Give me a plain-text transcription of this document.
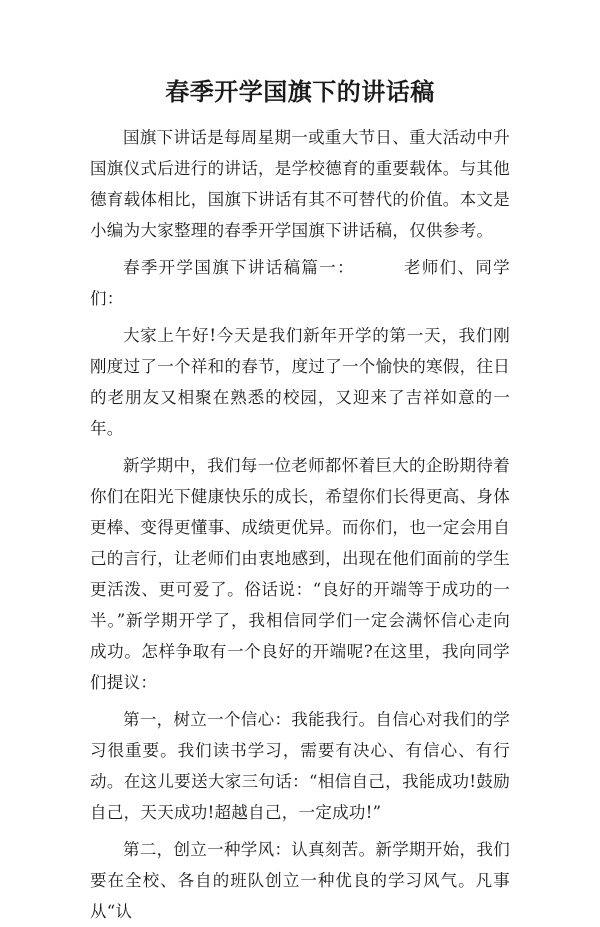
春季开学国旗下的讲话稿

国旗下讲话是每周星期一或重大节日、重大活动中升国旗仪式后进行的讲话，是学校德育的重要载体。与其他德育载体相比，国旗下讲话有其不可替代的价值。本文是小编为大家整理的春季开学国旗下讲话稿，仅供参考。

春季开学国旗下讲话稿篇一：	老师们、同学们：

大家上午好!今天是我们新年开学的第一天，我们刚刚度过了一个祥和的春节，度过了一个愉快的寒假，往日的老朋友又相聚在熟悉的校园，又迎来了吉祥如意的一年。

新学期中，我们每一位老师都怀着巨大的企盼期待着你们在阳光下健康快乐的成长，希望你们长得更高、身体更棒、变得更懂事、成绩更优异。而你们，也一定会用自己的言行，让老师们由衷地感到，出现在他们面前的学生更活泼、更可爱了。俗话说：“良好的开端等于成功的一半。”新学期开学了，我相信同学们一定会满怀信心走向成功。怎样争取有一个良好的开端呢?在这里，我向同学们提议：

第一，树立一个信心：我能我行。自信心对我们的学习很重要。我们读书学习，需要有决心、有信心、有行动。在这儿要送大家三句话：“相信自己，我能成功!鼓励自己，天天成功!超越自己，一定成功!”

第二，创立一种学风：认真刻苦。新学期开始，我们要在全校、各自的班队创立一种优良的学习风气。凡事从“认
